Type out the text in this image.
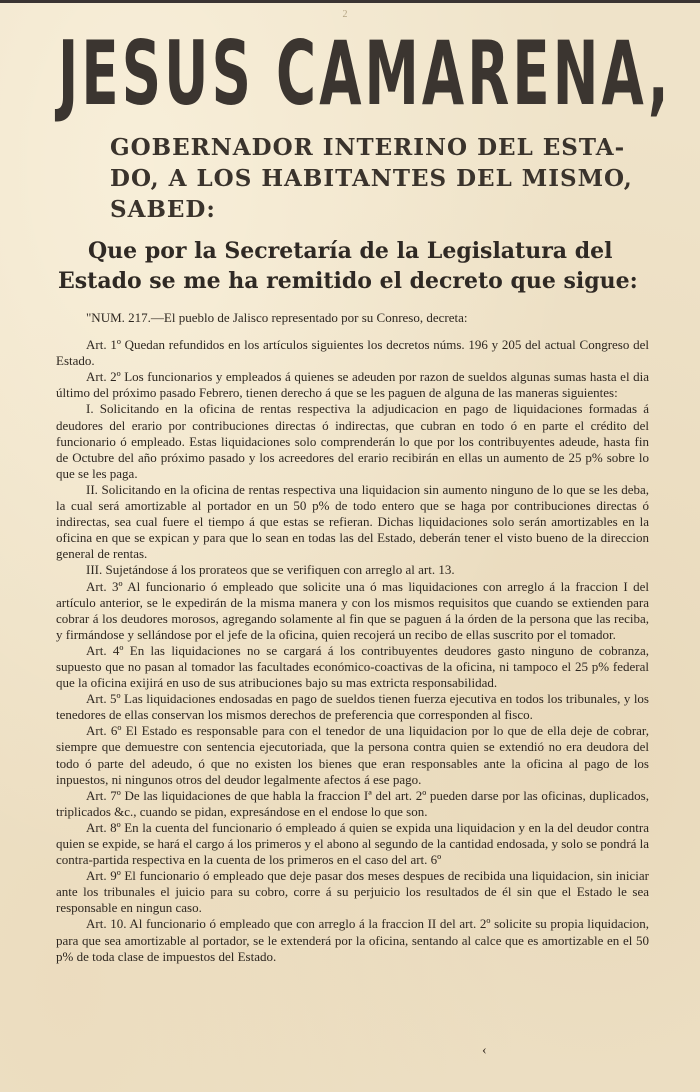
2
JESUS CAMARENA,
GOBERNADOR INTERINO DEL ESTA-
DO, A LOS HABITANTES DEL MISMO,
SABED:
Que por la Secretaría de la Legislatura del
Estado se me ha remitido el decreto que sigue:

"NUM. 217.—El pueblo de Jalisco representado por su Conreso, decreta:

Art. 1º Quedan refundidos en los artículos siguientes los decretos núms. 196 y 205 del actual Congreso del Estado.

Art. 2º Los funcionarios y empleados á quienes se adeuden por razon de sueldos algunas sumas hasta el dia último del próximo pasado Febrero, tienen derecho á que se les paguen de alguna de las maneras siguientes:

I. Solicitando en la oficina de rentas respectiva la adjudicacion en pago de liquidaciones formadas á deudores del erario por contribuciones directas ó indirectas, que cubran en todo ó en parte el crédito del funcionario ó empleado. Estas liquidaciones solo comprenderán lo que por los contribuyentes adeude, hasta fin de Octubre del año próximo pasado y los acreedores del erario recibirán en ellas un aumento de 25 p% sobre lo que se les paga.

II. Solicitando en la oficina de rentas respectiva una liquidacion sin aumento ninguno de lo que se les deba, la cual será amortizable al portador en un 50 p% de todo entero que se haga por contribuciones directas ó indirectas, sea cual fuere el tiempo á que estas se refieran. Dichas liquidaciones solo serán amortizables en la oficina en que se expican y para que lo sean en todas las del Estado, deberán tener el visto bueno de la direccion general de rentas.

III. Sujetándose á los prorateos que se verifiquen con arreglo al art. 13.

Art. 3º Al funcionario ó empleado que solicite una ó mas liquidaciones con arreglo á la fraccion I del artículo anterior, se le expedirán de la misma manera y con los mismos requisitos que cuando se extienden para cobrar á los deudores morosos, agregando solamente al fin que se paguen á la órden de la persona que las reciba, y firmándose y sellándose por el jefe de la oficina, quien recojerá un recibo de ellas suscrito por el tomador.

Art. 4º En las liquidaciones no se cargará á los contribuyentes deudores gasto ninguno de cobranza, supuesto que no pasan al tomador las facultades económico-coactivas de la oficina, ni tampoco el 25 p% federal que la oficina exijirá en uso de sus atribuciones bajo su mas extricta responsabilidad.

Art. 5º Las liquidaciones endosadas en pago de sueldos tienen fuerza ejecutiva en todos los tribunales, y los tenedores de ellas conservan los mismos derechos de preferencia que corresponden al fisco.

Art. 6º El Estado es responsable para con el tenedor de una liquidacion por lo que de ella deje de cobrar, siempre que demuestre con sentencia ejecutoriada, que la persona contra quien se extendió no era deudora del todo ó parte del adeudo, ó que no existen los bienes que eran responsables ante la oficina al pago de los inpuestos, ni ningunos otros del deudor legalmente afectos á ese pago.

Art. 7º De las liquidaciones de que habla la fraccion Iª del art. 2º pueden darse por las oficinas, duplicados, triplicados &c., cuando se pidan, expresándose en el endose lo que son.

Art. 8º En la cuenta del funcionario ó empleado á quien se expida una liquidacion y en la del deudor contra quien se expide, se hará el cargo á los primeros y el abono al segundo de la cantidad endosada, y solo se pondrá la contra-partida respectiva en la cuenta de los primeros en el caso del art. 6º

Art. 9º El funcionario ó empleado que deje pasar dos meses despues de recibida una liquidacion, sin iniciar ante los tribunales el juicio para su cobro, corre á su perjuicio los resultados de él sin que el Estado le sea responsable en ningun caso.

Art. 10. Al funcionario ó empleado que con arreglo á la fraccion II del art. 2º solicite su propia liquidacion, para que sea amortizable al portador, se le extenderá por la oficina, sentando al calce que es amortizable en el 50 p% de toda clase de impuestos del Estado.

‹
